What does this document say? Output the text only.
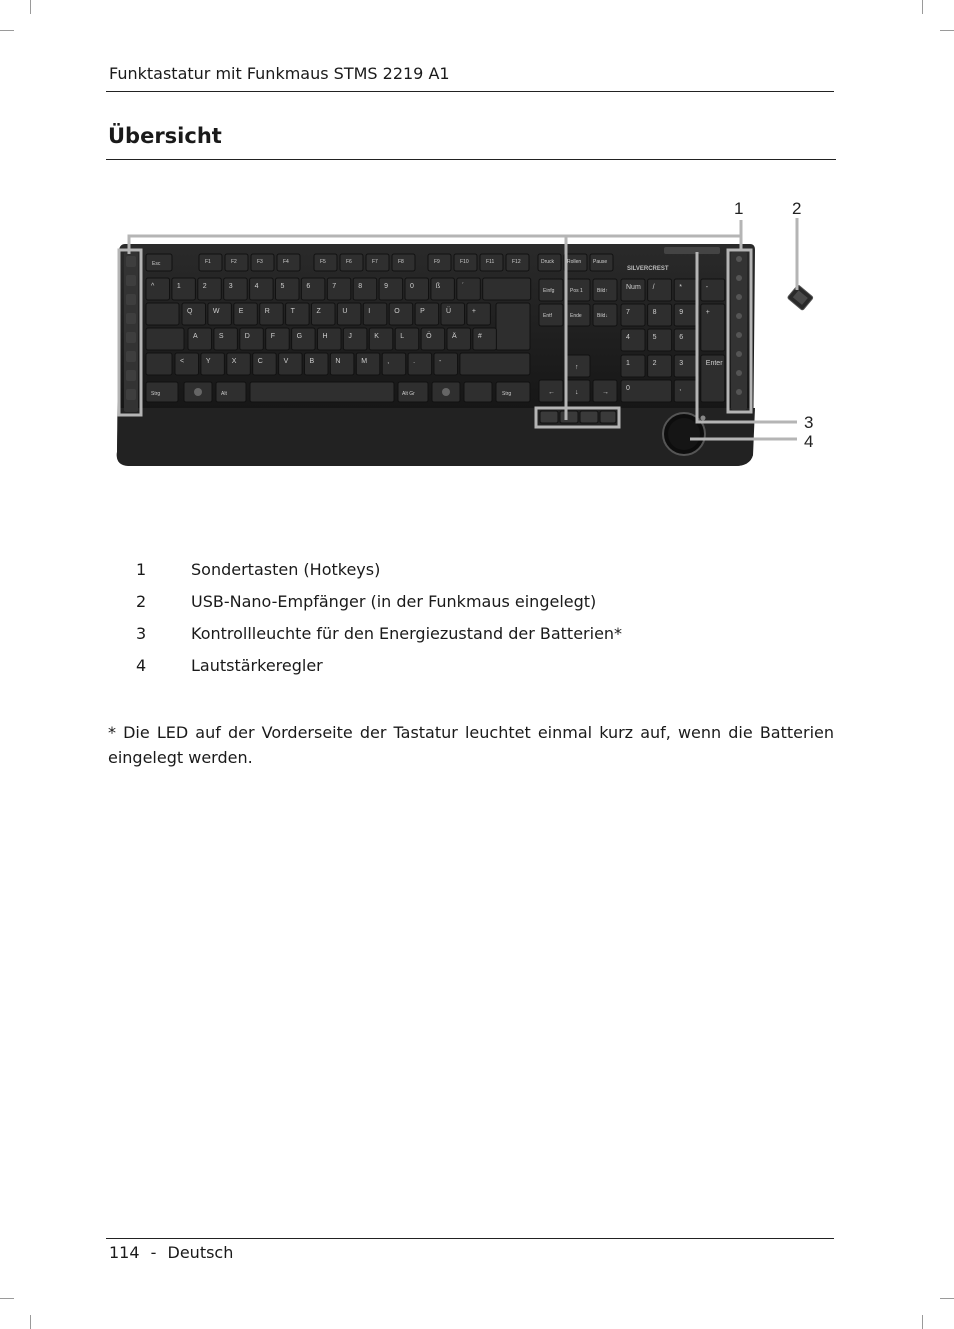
Funktastatur mit Funkmaus STMS 2219 A1
Übersicht
SILVERCREST
Esc	F1	F2	F3	F4	F5	F6	F7	F8	F9	F10	F11	F12	Druck	Rollen Pause
^	1	2	3	4	5	6	7	8	9	0	ß	´
Q	W	E	R	T	Z	U	I	O	P	Ü	+
A	S	D	F	G	H	J	K	L	Ö	Ä	#
<	Y	X	C	V	B	N	M	,	.	-
Strg	Alt	Alt Gr	Strg
Einfg	Pos 1	Bild↑
Entf	Ende	Bild↓
↑
←	↓	→
Num /	*	-
7	8	9	+
4	5	6
1	2	3	Enter
0	,
1	2
3
4
1	Sondertasten (Hotkeys)
2	USB-Nano-Empfänger (in der Funkmaus eingelegt)
3	Kontrollleuchte für den Energiezustand der Batterien*
4	Lautstärkeregler

* Die LED auf der Vorderseite der Tastatur leuchtet einmal kurz auf, wenn die Batterien eingelegt werden.

114 - Deutsch
